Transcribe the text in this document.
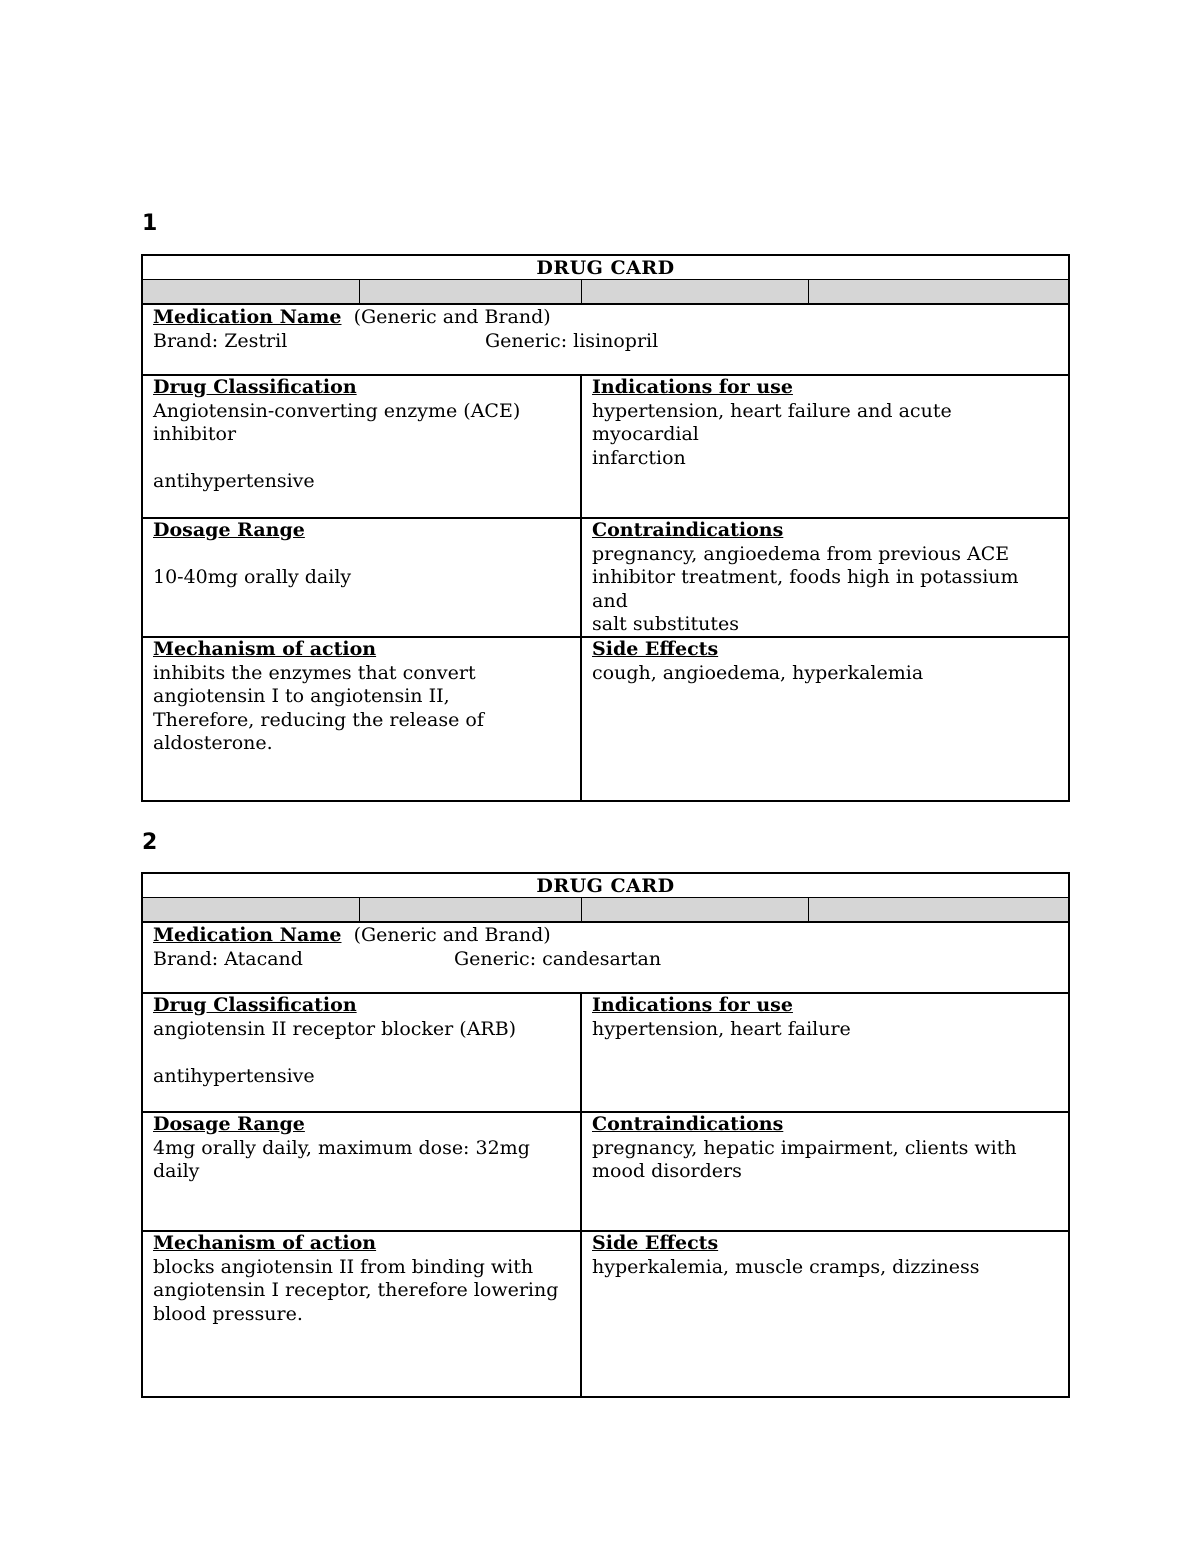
1
DRUG CARD
Medication Name (Generic and Brand)
Brand: Zestril	Generic: lisinopril
Drug Classification
Angiotensin-converting enzyme (ACE)
inhibitor
antihypertensive
Indications for use
hypertension, heart failure and acute myocardial
infarction
Dosage Range
10-40mg orally daily
Contraindications
pregnancy, angioedema from previous ACE
inhibitor treatment, foods high in potassium and
salt substitutes
Mechanism of action
inhibits the enzymes that convert
angiotensin I to angiotensin II,
Therefore, reducing the release of
aldosterone.
Side Effects
cough, angioedema, hyperkalemia
2
DRUG CARD
Medication Name (Generic and Brand)
Brand: Atacand	Generic: candesartan
Drug Classification
angiotensin II receptor blocker (ARB)
antihypertensive
Indications for use
hypertension, heart failure
Dosage Range
4mg orally daily, maximum dose: 32mg
daily
Contraindications
pregnancy, hepatic impairment, clients with
mood disorders
Mechanism of action
blocks angiotensin II from binding with
angiotensin I receptor, therefore lowering
blood pressure.
Side Effects
hyperkalemia, muscle cramps, dizziness
